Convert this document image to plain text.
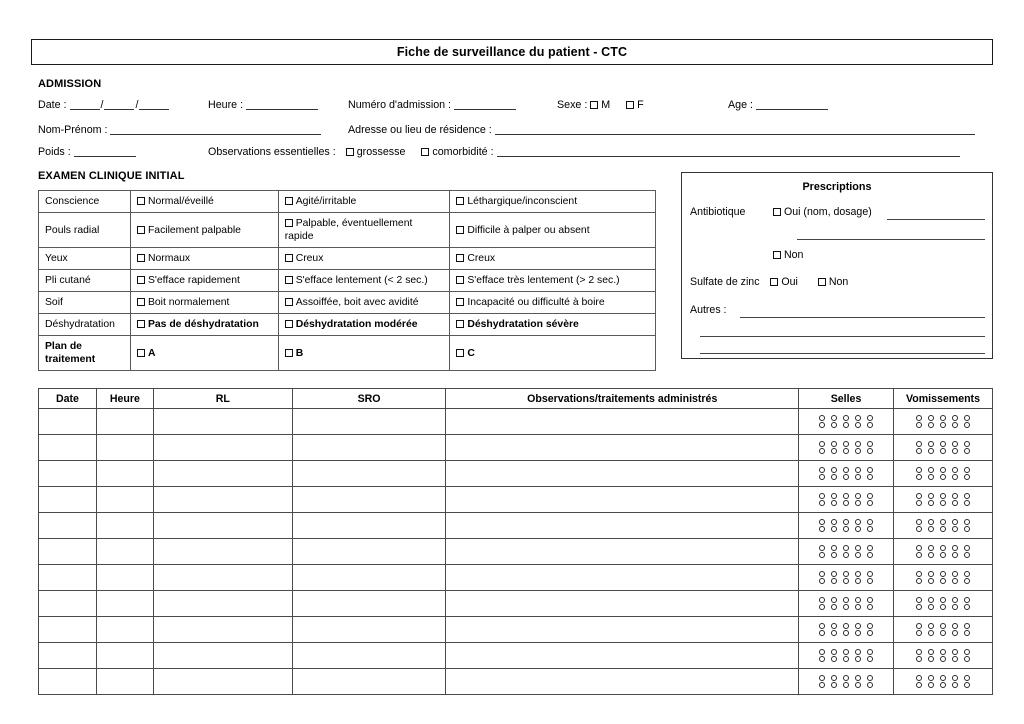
Fiche de surveillance du patient - CTC
ADMISSION
Date :	/	/	Heure :	Numéro d'admission :	Sexe : M	F	Age :
Nom-Prénom :	Adresse ou lieu de résidence :
Poids :	Observations essentielles : grossesse	comorbidité :
EXAMEN CLINIQUE INITIAL
Conscience	Normal/éveillé	Agité/irritable	Léthargique/inconscient
Pouls radial	Facilement palpable	Palpable, éventuellement rapide	Difficile à palper ou absent
Yeux	Normaux	Creux	Creux
Pli cutané	S'efface rapidement	S'efface lentement (< 2 sec.)	S'efface très lentement (> 2 sec.)
Soif	Boit normalement	Assoiffée, boit avec avidité	Incapacité ou difficulté à boire
Déshydratation	Pas de déshydratation	Déshydratation modérée	Déshydratation sévère
Plan de traitement	A	B	C
Prescriptions
Antibiotique	Oui (nom, dosage)
Non
Sulfate de zinc Oui	Non
Autres :
Date	Heure	RL	SRO	Observations/traitements administrés	Selles	Vomissements
